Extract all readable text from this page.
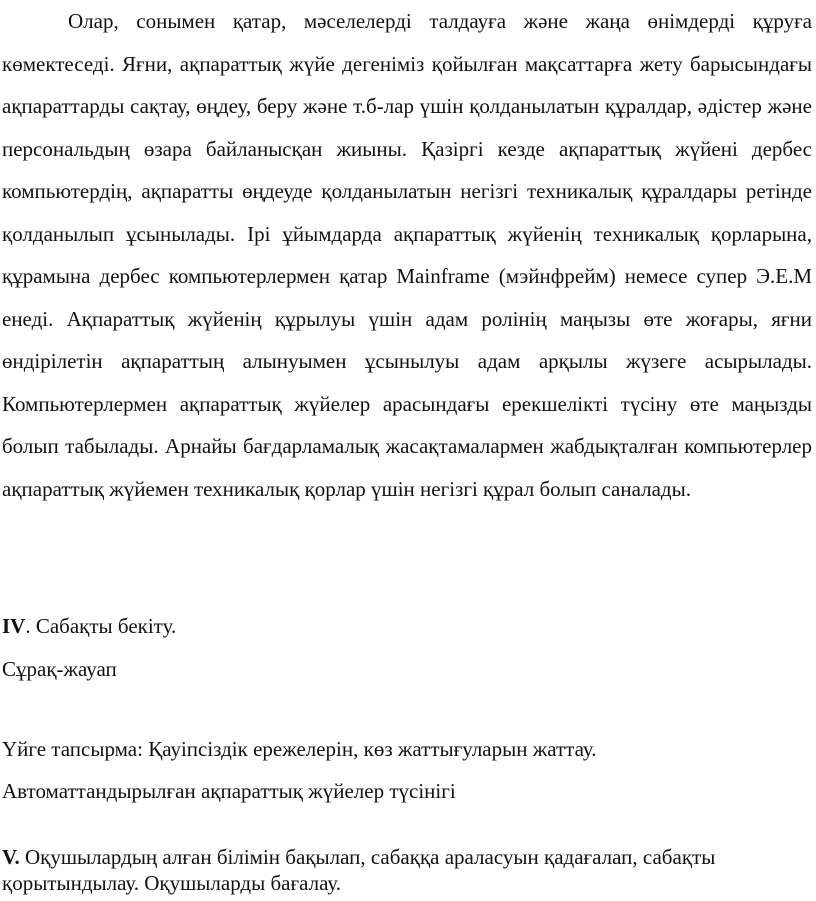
Олар, сонымен қатар, мәселелерді талдауға және жаңа өнімдерді құруға көмектеседі. Яғни, ақпараттық жүйе дегеніміз қойылған мақсаттарға жету барысындағы ақпараттарды сақтау, өңдеу, беру және т.б-лар үшін қолданылатын құралдар, әдістер және персональдың өзара байланысқан жиыны. Қазіргі кезде ақпараттық жүйені дербес компьютердің, ақпаратты өңдеуде қолданылатын негізгі техникалық құралдары ретінде қолданылып ұсынылады. Ірі ұйымдарда ақпараттық жүйенің техникалық қорларына, құрамына дербес компьютерлермен қатар Mainframe (мэйнфрейм) немесе супер Э.Е.М енеді. Ақпараттық жүйенің құрылуы үшін адам ролінің маңызы өте жоғары, яғни өндірілетін ақпараттың алынуымен ұсынылуы адам арқылы жүзеге асырылады. Компьютерлермен ақпараттық жүйелер арасындағы ерекшелікті түсіну өте маңызды болып табылады. Арнайы бағдарламалық жасақтамалармен жабдықталған компьютерлер ақпараттық жүйемен техникалық қорлар үшін негізгі құрал болып саналады.

IV. Сабақты бекіту.

Сұрақ-жауап

Үйге тапсырма: Қауіпсіздік ережелерін, көз жаттығуларын жаттау.

Автоматтандырылған ақпараттық жүйелер түсінігі

V. Оқушылардың алған білімін бақылап, сабаққа араласуын қадағалап, сабақты қорытындылау. Оқушыларды бағалау.
